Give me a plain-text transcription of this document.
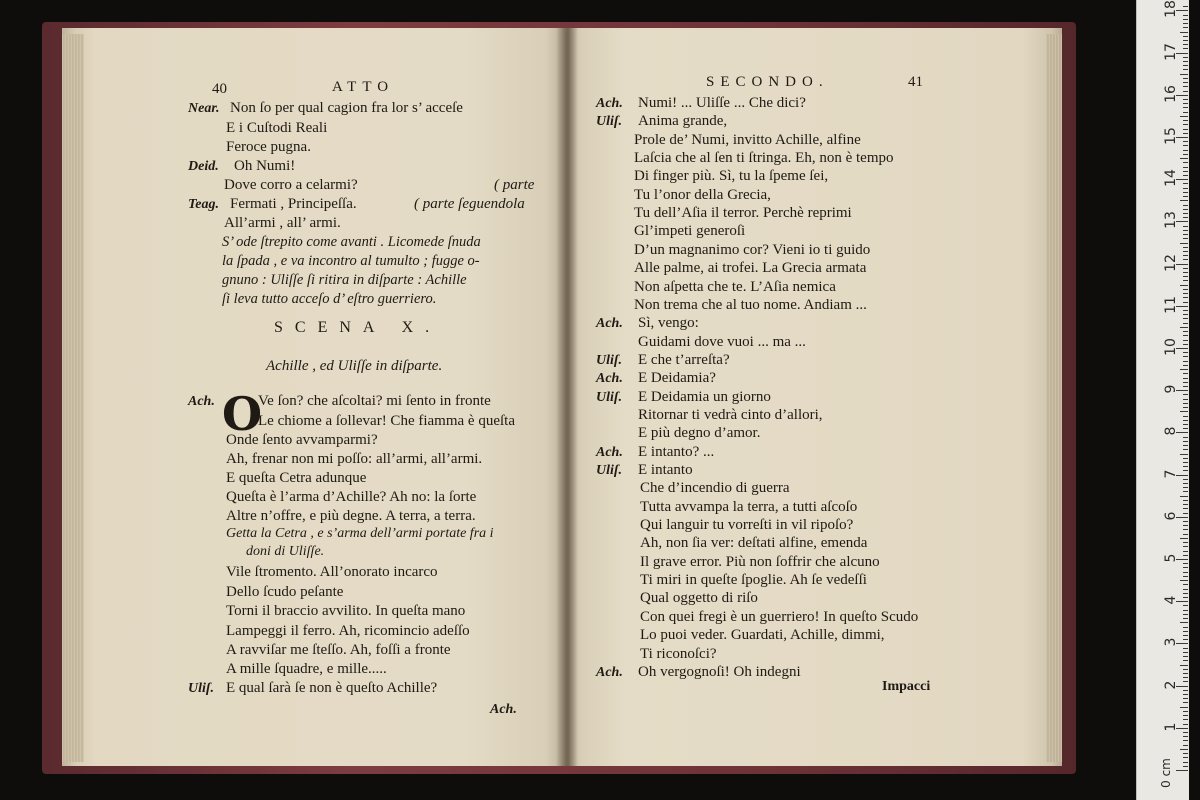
40	ATTO
Near. Non ſo per qual cagion fra lor s’ acceſe
E i Cuſtodi Reali
Feroce pugna.
Deid. Oh Numi!
Dove corro a celarmi?	( parte
Teag. Fermati , Principeſſa.	( parte ſeguendola
All’armi , all’ armi.
S’ ode ſtrepito come avanti . Licomede ſnuda
la ſpada , e va incontro al tumulto ; fugge o-
gnuno : Uliſſe ſi ritira in diſparte : Achille
ſi leva tutto acceſo d’ eſtro guerriero.
SCENA X.
Achille , ed Uliſſe in diſparte.
Ach. O
Ve ſon? che aſcoltai? mi ſento in fronte
Le chiome a ſollevar! Che fiamma è queſta
Onde ſento avvamparmi?
Ah, frenar non mi poſſo: all’armi, all’armi.
E queſta Cetra adunque
Queſta è l’arma d’Achille? Ah no: la ſorte
Altre n’offre, e più degne. A terra, a terra.
Getta la Cetra , e s’arma dell’armi portate fra i
doni di Uliſſe.
Vile ſtromento. All’onorato incarco
Dello ſcudo peſante
Torni il braccio avvilito. In queſta mano
Lampeggi il ferro. Ah, ricomincio adeſſo
A ravviſar me ſteſſo. Ah, foſſi a fronte
A mille ſquadre, e mille.....
Uliſ. E qual ſarà ſe non è queſto Achille?
Ach.
SECONDO.	41
Ach. Numi! ... Uliſſe ... Che dici?
Uliſ. Anima grande,
Prole de’ Numi, invitto Achille, alfine
Laſcia che al ſen ti ſtringa. Eh, non è tempo
Di finger più. Sì, tu la ſpeme ſei,
Tu l’onor della Grecia,
Tu dell’Aſia il terror. Perchè reprimi
Gl’impeti generoſi
D’un magnanimo cor? Vieni io ti guido
Alle palme, ai trofei. La Grecia armata
Non aſpetta che te. L’Aſia nemica
Non trema che al tuo nome. Andiam ...
Ach. Sì, vengo:
Guidami dove vuoi ... ma ...
Uliſ. E che t’arreſta?
Ach. E Deidamia?
Uliſ. E Deidamia un giorno
Ritornar ti vedrà cinto d’allori,
E più degno d’amor.
Ach. E intanto? ...
Uliſ. E intanto
Che d’incendio di guerra
Tutta avvampa la terra, a tutti aſcoſo
Qui languir tu vorreſti in vil ripoſo?
Ah, non ſia ver: deſtati alfine, emenda
Il grave error. Più non ſoffrir che alcuno
Ti miri in queſte ſpoglie. Ah ſe vedeſſi
Qual oggetto di riſo
Con quei fregi è un guerriero! In queſto Scudo
Lo puoi veder. Guardati, Achille, dimmi,
Ti riconoſci?
Ach. Oh vergognoſi! Oh indegni
Impacci
1
2
3
4
5
6
7
8
9
10
11
12
13
14
15
16
17
18
0 cm
